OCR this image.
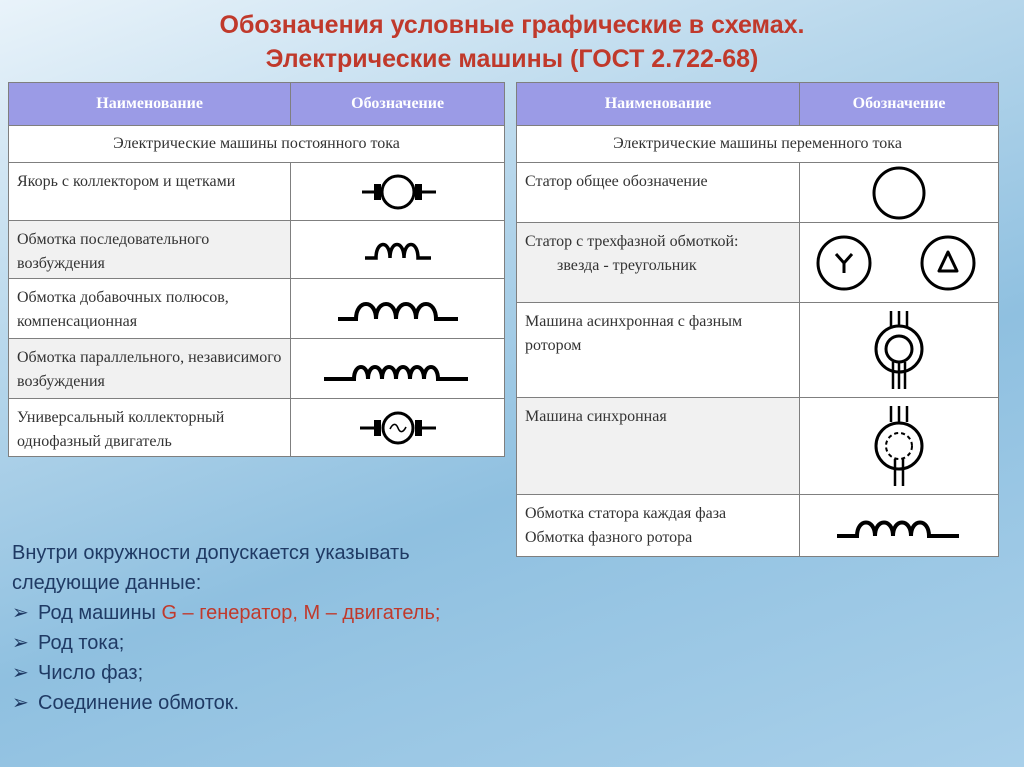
Обозначения условные графические в схемах.
Электрические машины (ГОСТ 2.722-68)
Наименование	Обозначение
Электрические машины постоянного тока	
Якорь с коллектором и щетками	

Обмотка последовательного возбуждения	

Обмотка добавочных полюсов, компенсационная	

Обмотка параллельного, независимого возбуждения	

Универсальный коллекторный однофазный двигатель	
Наименование	Обозначение
Электрические машины переменного тока	
Статор общее обозначение	

Статор с трехфазной обмоткой:
звезда - треугольник

Машина асинхронная с фазным ротором	

Машина синхронная	

Обмотка статора каждая фаза
Обмотка фазного ротора

Внутри окружности допускается указывать
следующие данные:
➢ Род машины G – генератор, М – двигатель;
➢ Род тока;
➢ Число фаз;
➢ Соединение обмоток.
